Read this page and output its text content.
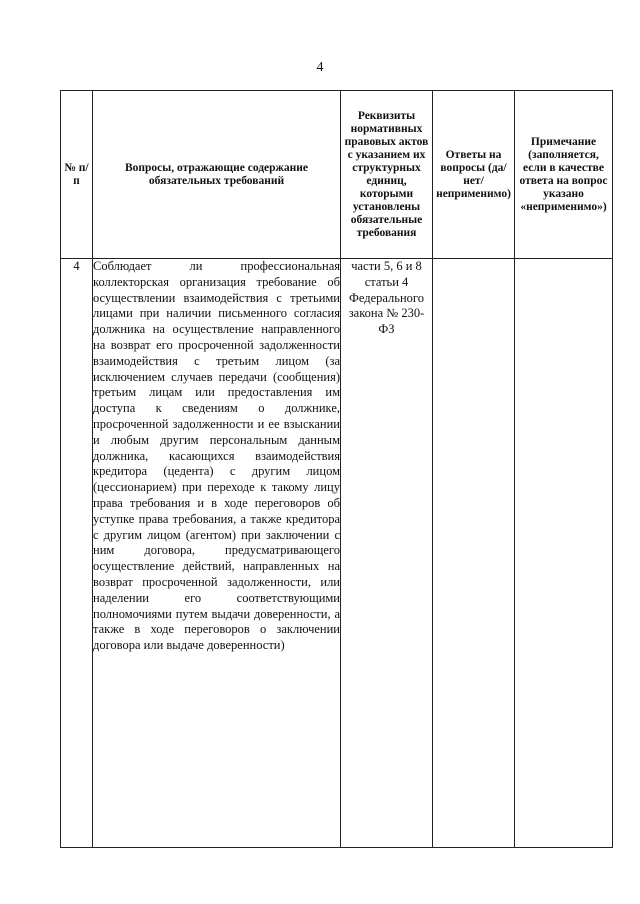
4
№ п/п	Вопросы, отражающие содержание обязательных требований	Реквизиты нормативных правовых актов с указанием их структурных единиц, которыми установлены обязательные требования	Ответы на вопросы (да/нет/ неприменимо)	Примечание (заполняется, если в качестве ответа на вопрос указано «неприменимо»)
4	Соблюдает ли профессиональная коллекторская организация требование об осуществлении взаимодействия с третьими лицами при наличии письменного согласия должника на осуществление направленного на возврат его просроченной задолженности взаимодействия с третьим лицом (за исключением случаев передачи (сообщения) третьим лицам или предоставления им доступа к сведениям о должнике, просроченной задолженности и ее взыскании и любым другим персональным данным должника, касающихся взаимодействия кредитора (цедента) с другим лицом (цессионарием) при переходе к такому лицу права требования и в ходе переговоров об уступке права требования, а также кредитора с другим лицом (агентом) при заключении с ним договора, предусматривающего осуществление действий, направленных на возврат просроченной задолженности, или наделении его соответствующими полномочиями путем выдачи доверенности, а также в ходе переговоров о заключении договора или выдаче доверенности)	части 5, 6 и 8 статьи 4 Федерального закона № 230-ФЗ		
